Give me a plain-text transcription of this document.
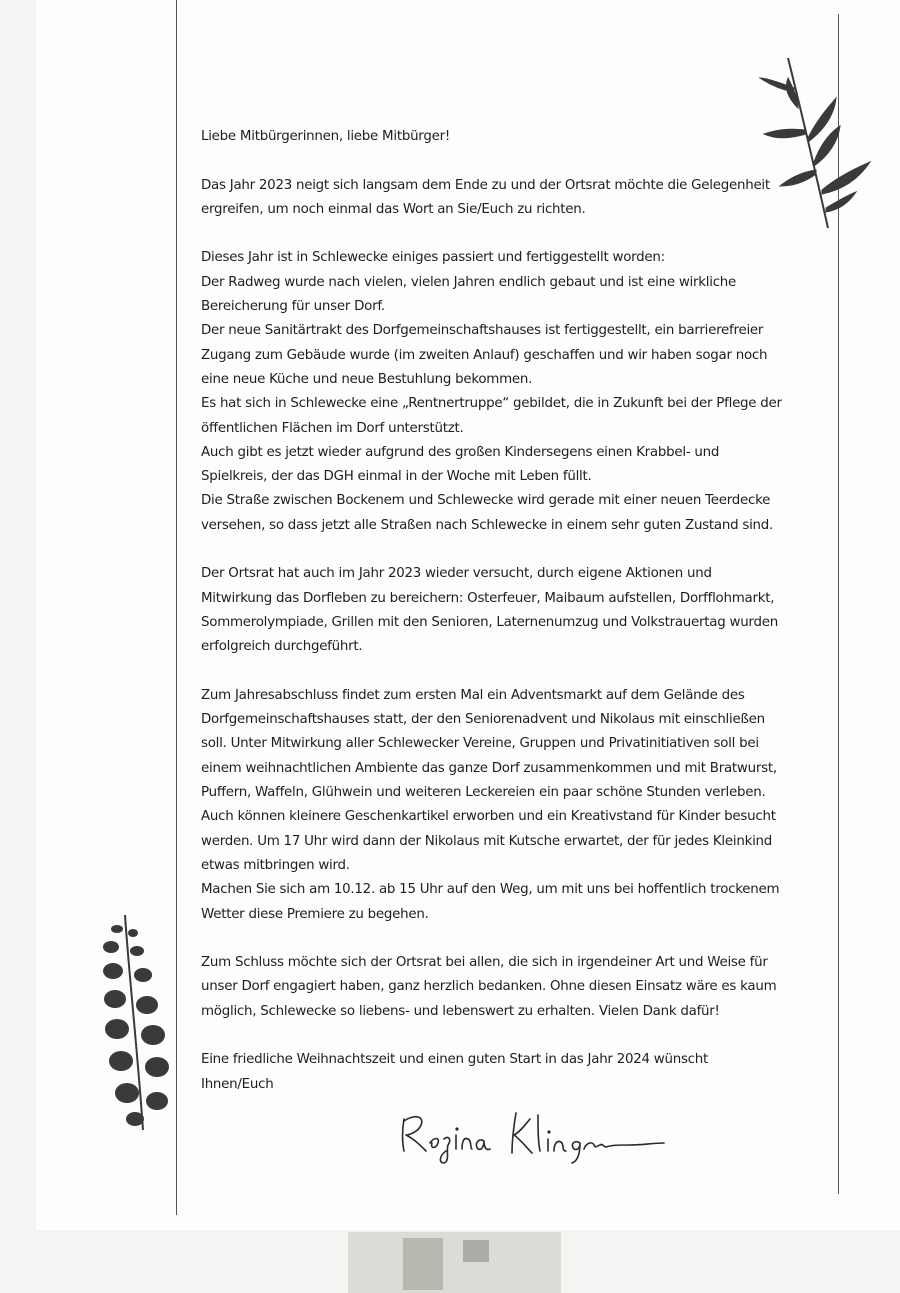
Liebe Mitbürgerinnen, liebe Mitbürger!

Das Jahr 2023 neigt sich langsam dem Ende zu und der Ortsrat möchte die Gelegenheit
ergreifen, um noch einmal das Wort an Sie/Euch zu richten.

Dieses Jahr ist in Schlewecke einiges passiert und fertiggestellt worden:
Der Radweg wurde nach vielen, vielen Jahren endlich gebaut und ist eine wirkliche
Bereicherung für unser Dorf.
Der neue Sanitärtrakt des Dorfgemeinschaftshauses ist fertiggestellt, ein barrierefreier
Zugang zum Gebäude wurde (im zweiten Anlauf) geschaffen und wir haben sogar noch
eine neue Küche und neue Bestuhlung bekommen.
Es hat sich in Schlewecke eine „Rentnertruppe“ gebildet, die in Zukunft bei der Pflege der
öffentlichen Flächen im Dorf unterstützt.
Auch gibt es jetzt wieder aufgrund des großen Kindersegens einen Krabbel- und
Spielkreis, der das DGH einmal in der Woche mit Leben füllt.
Die Straße zwischen Bockenem und Schlewecke wird gerade mit einer neuen Teerdecke
versehen, so dass jetzt alle Straßen nach Schlewecke in einem sehr guten Zustand sind.

Der Ortsrat hat auch im Jahr 2023 wieder versucht, durch eigene Aktionen und
Mitwirkung das Dorfleben zu bereichern: Osterfeuer, Maibaum aufstellen, Dorfflohmarkt,
Sommerolympiade, Grillen mit den Senioren, Laternenumzug und Volkstrauertag wurden
erfolgreich durchgeführt.

Zum Jahresabschluss findet zum ersten Mal ein Adventsmarkt auf dem Gelände des
Dorfgemeinschaftshauses statt, der den Seniorenadvent und Nikolaus mit einschließen
soll. Unter Mitwirkung aller Schlewecker Vereine, Gruppen und Privatinitiativen soll bei
einem weihnachtlichen Ambiente das ganze Dorf zusammenkommen und mit Bratwurst,
Puffern, Waffeln, Glühwein und weiteren Leckereien ein paar schöne Stunden verleben.
Auch können kleinere Geschenkartikel erworben und ein Kreativstand für Kinder besucht
werden. Um 17 Uhr wird dann der Nikolaus mit Kutsche erwartet, der für jedes Kleinkind
etwas mitbringen wird.
Machen Sie sich am 10.12. ab 15 Uhr auf den Weg, um mit uns bei hoffentlich trockenem
Wetter diese Premiere zu begehen.

Zum Schluss möchte sich der Ortsrat bei allen, die sich in irgendeiner Art und Weise für
unser Dorf engagiert haben, ganz herzlich bedanken. Ohne diesen Einsatz wäre es kaum
möglich, Schlewecke so liebens- und lebenswert zu erhalten. Vielen Dank dafür!

Eine friedliche Weihnachtszeit und einen guten Start in das Jahr 2024 wünscht
Ihnen/Euch
